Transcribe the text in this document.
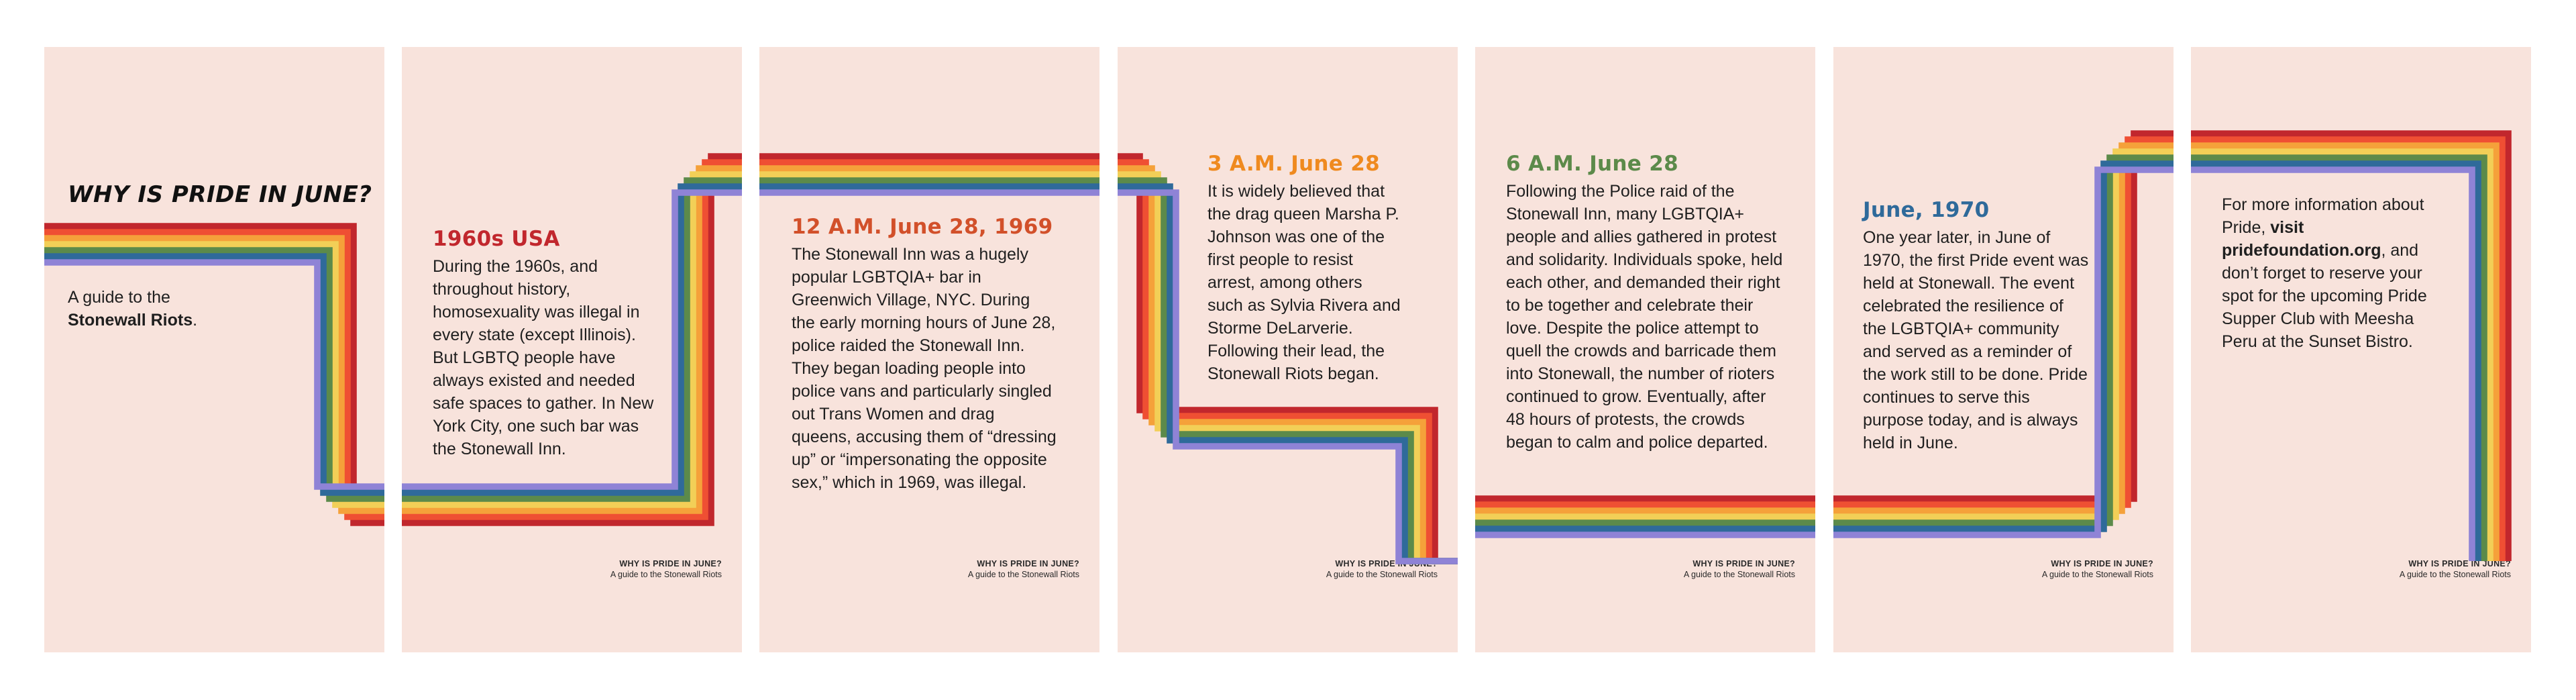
WHY IS PRIDE IN JUNE?
A guide to the
Stonewall Riots.
1960s USA

During the 1960s, and throughout history, homosexuality was illegal in every state (except Illinois). But LGBTQ people have always existed and needed safe spaces to gather. In New York City, one such bar was the Stonewall Inn.

WHY IS PRIDE IN JUNE?
A guide to the Stonewall Riots
12 A.M. June 28, 1969

The Stonewall Inn was a hugely popular LGBTQIA+ bar in Greenwich Village, NYC. During the early morning hours of June 28, police raided the Stonewall Inn. They began loading people into police vans and particularly singled out Trans Women and drag queens, accusing them of “dressing up” or “impersonating the opposite sex,” which in 1969, was illegal.

WHY IS PRIDE IN JUNE?
A guide to the Stonewall Riots
3 A.M. June 28

It is widely believed that the drag queen Marsha P. Johnson was one of the first people to resist arrest, among others such as Sylvia Rivera and Storme DeLarverie. Following their lead, the Stonewall Riots began.

WHY IS PRIDE IN JUNE?
A guide to the Stonewall Riots
6 A.M. June 28

Following the Police raid of the Stonewall Inn, many LGBTQIA+ people and allies gathered in protest and solidarity. Individuals spoke, held each other, and demanded their right to be together and celebrate their love. Despite the police attempt to quell the crowds and barricade them into Stonewall, the number of rioters continued to grow. Eventually, after 48 hours of protests, the crowds began to calm and police departed.

WHY IS PRIDE IN JUNE?
A guide to the Stonewall Riots
June, 1970

One year later, in June of 1970, the first Pride event was held at Stonewall. The event celebrated the resilience of the LGBTQIA+ community and served as a reminder of the work still to be done. Pride continues to serve this purpose today, and is always held in June.

WHY IS PRIDE IN JUNE?
A guide to the Stonewall Riots

For more information about Pride, visit pridefoundation.org, and don’t forget to reserve your spot for the upcoming Pride Supper Club with Meesha Peru at the Sunset Bistro.

WHY IS PRIDE IN JUNE?
A guide to the Stonewall Riots
